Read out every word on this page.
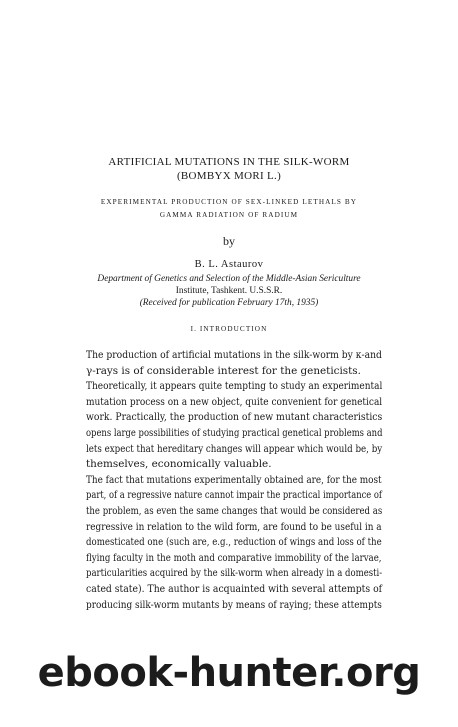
ARTIFICIAL MUTATIONS IN THE SILK-WORM
(BOMBYX MORI L.)
EXPERIMENTAL PRODUCTION OF SEX-LINKED LETHALS BY
GAMMA RADIATION OF RADIUM
by
B. L. Astaurov
Department of Genetics and Selection of the Middle-Asian Sericulture
Institute, Tashkent. U.S.S.R.
(Received for publication February 17th, 1935)
I. INTRODUCTION
The production of artificial mutations in the silk-worm by κ-and
γ-rays is of considerable interest for the geneticists.
Theoretically, it appears quite tempting to study an experimental
mutation process on a new object, quite convenient for genetical
work. Practically, the production of new mutant characteristics
opens large possibilities of studying practical genetical problems and
lets expect that hereditary changes will appear which would be, by
themselves, economically valuable.
The fact that mutations experimentally obtained are, for the most
part, of a regressive nature cannot impair the practical importance of
the problem, as even the same changes that would be considered as
regressive in relation to the wild form, are found to be useful in a
domesticated one (such are, e.g., reduction of wings and loss of the
flying faculty in the moth and comparative immobility of the larvae,
particularities acquired by the silk-worm when already in a domesti-
cated state). The author is acquainted with several attempts of
producing silk-worm mutants by means of raying; these attempts
ebook-hunter.org
